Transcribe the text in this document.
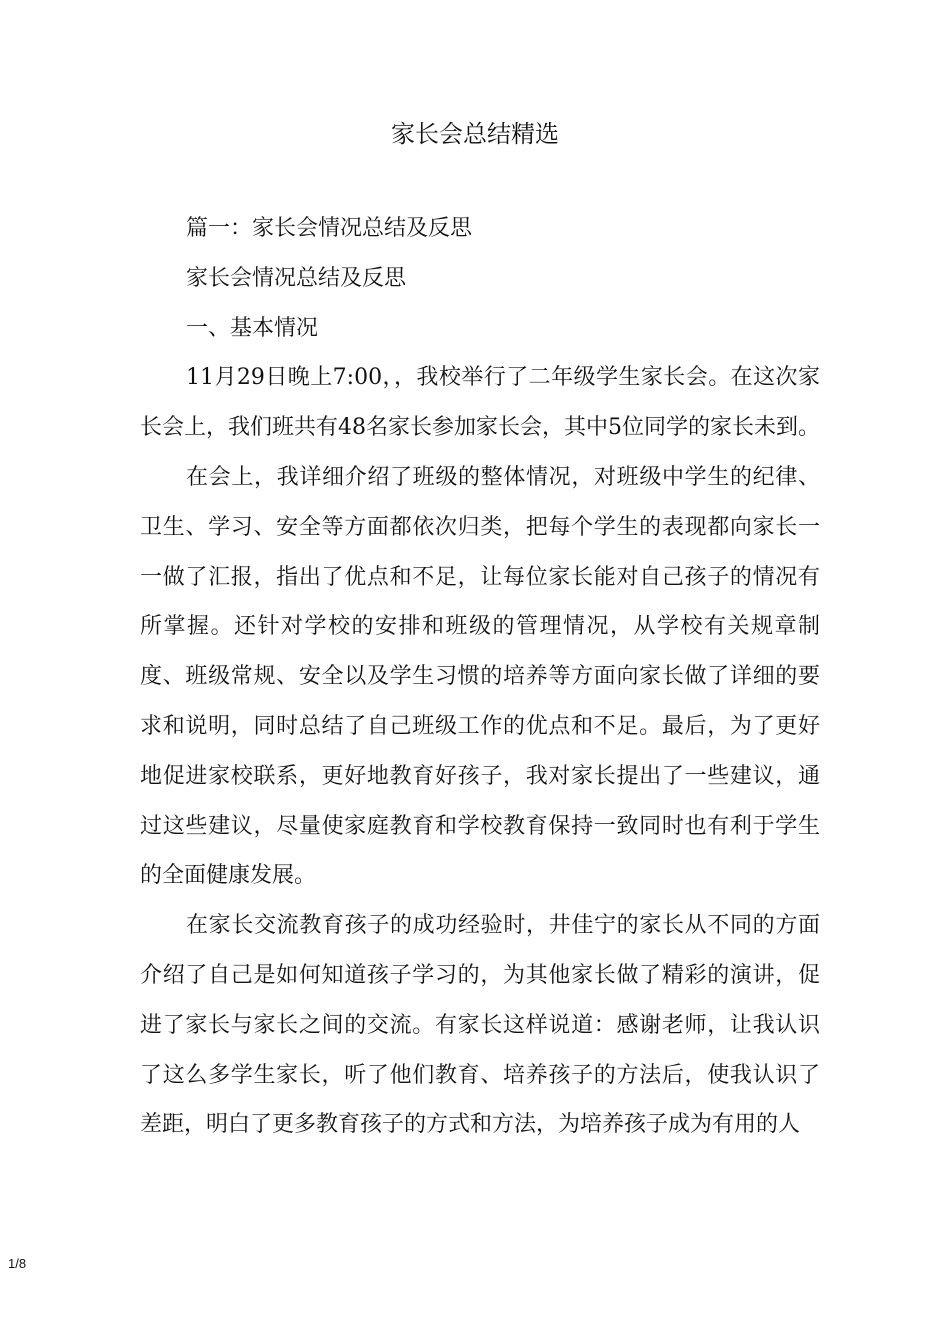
家长会总结精选

篇一：家长会情况总结及反思

家长会情况总结及反思

一、基本情况

11月29日晚上7:00，，我校举行了二年级学生家长会。在这次家长会上，我们班共有48名家长参加家长会，其中5位同学的家长未到。

在会上，我详细介绍了班级的整体情况，对班级中学生的纪律、卫生、学习、安全等方面都依次归类，把每个学生的表现都向家长一一做了汇报，指出了优点和不足，让每位家长能对自己孩子的情况有所掌握。还针对学校的安排和班级的管理情况，从学校有关规章制度、班级常规、安全以及学生习惯的培养等方面向家长做了详细的要求和说明，同时总结了自己班级工作的优点和不足。最后，为了更好地促进家校联系，更好地教育好孩子，我对家长提出了一些建议，通过这些建议，尽量使家庭教育和学校教育保持一致同时也有利于学生的全面健康发展。

在家长交流教育孩子的成功经验时，井佳宁的家长从不同的方面介绍了自己是如何知道孩子学习的，为其他家长做了精彩的演讲，促进了家长与家长之间的交流。有家长这样说道：感谢老师，让我认识了这么多学生家长，听了他们教育、培养孩子的方法后，使我认识了差距，明白了更多教育孩子的方式和方法，为培养孩子成为有用的人

1/8
